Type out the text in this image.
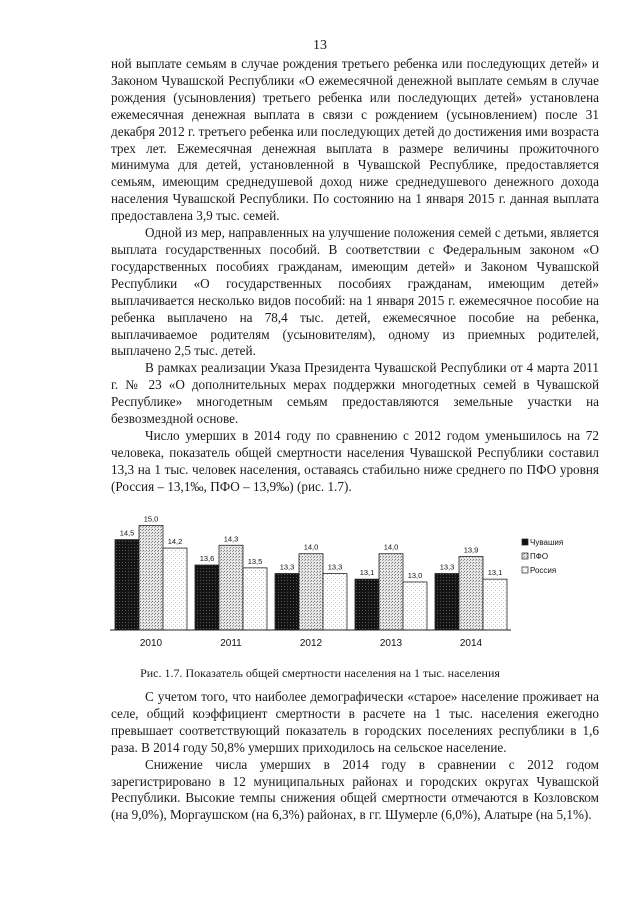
13

ной выплате семьям в случае рождения третьего ребенка или последующих детей» и Законом Чувашской Республики «О ежемесячной денежной выплате семьям в случае рождения (усыновления) третьего ребенка или последующих детей» установлена ежемесячная денежная выплата в связи с рождением (усыновлением) после 31 декабря 2012 г. третьего ребенка или последующих детей до достижения ими возраста трех лет. Ежемесячная денежная выплата в размере величины прожиточного минимума для детей, установленной в Чувашской Республике, предоставляется семьям, имеющим среднедушевой доход ниже среднедушевого денежного дохода населения Чувашской Республики. По состоянию на 1 января 2015 г. данная выплата предоставлена 3,9 тыс. семей.

Одной из мер, направленных на улучшение положения семей с детьми, является выплата государственных пособий. В соответствии с Федеральным законом «О государственных пособиях гражданам, имеющим детей» и Законом Чувашской Республики «О государственных пособиях гражданам, имеющим детей» выплачивается несколько видов пособий: на 1 января 2015 г. ежемесячное пособие на ребенка выплачено на 78,4 тыс. детей, ежемесячное пособие на ребенка, выплачиваемое родителям (усыновителям), одному из приемных родителей, выплачено 2,5 тыс. детей.

В рамках реализации Указа Президента Чувашской Республики от 4 марта 2011 г. № 23 «О дополнительных мерах поддержки многодетных семей в Чувашской Республике» многодетным семьям предоставляются земельные участки на безвозмездной основе.

Число умерших в 2014 году по сравнению с 2012 годом уменьшилось на 72 человека, показатель общей смертности населения Чувашской Республики составил 13,3 на 1 тыс. человек населения, оставаясь стабильно ниже среднего по ПФО уровня (Россия – 13,1‰, ПФО – 13,9‰) (рис. 1.7).

14,5
15,0
14,2
13,6
14,3
13,5
13,3
14,0
13,3
13,1
14,0
13,0
13,3
13,9
13,1
2010	2011	2012	2013	2014
Чувашия
ПФО
Россия
Рис. 1.7. Показатель общей смертности населения на 1 тыс. населения

С учетом того, что наиболее демографически «старое» население проживает на селе, общий коэффициент смертности в расчете на 1 тыс. населения ежегодно превышает соответствующий показатель в городских поселениях республики в 1,6 раза. В 2014 году 50,8% умерших приходилось на сельское население.

Снижение числа умерших в 2014 году в сравнении с 2012 годом зарегистрировано в 12 муниципальных районах и городских округах Чувашской Республики. Высокие темпы снижения общей смертности отмечаются в Козловском (на 9,0%), Моргаушском (на 6,3%) районах, в гг. Шумерле (6,0%), Алатыре (на 5,1%).
